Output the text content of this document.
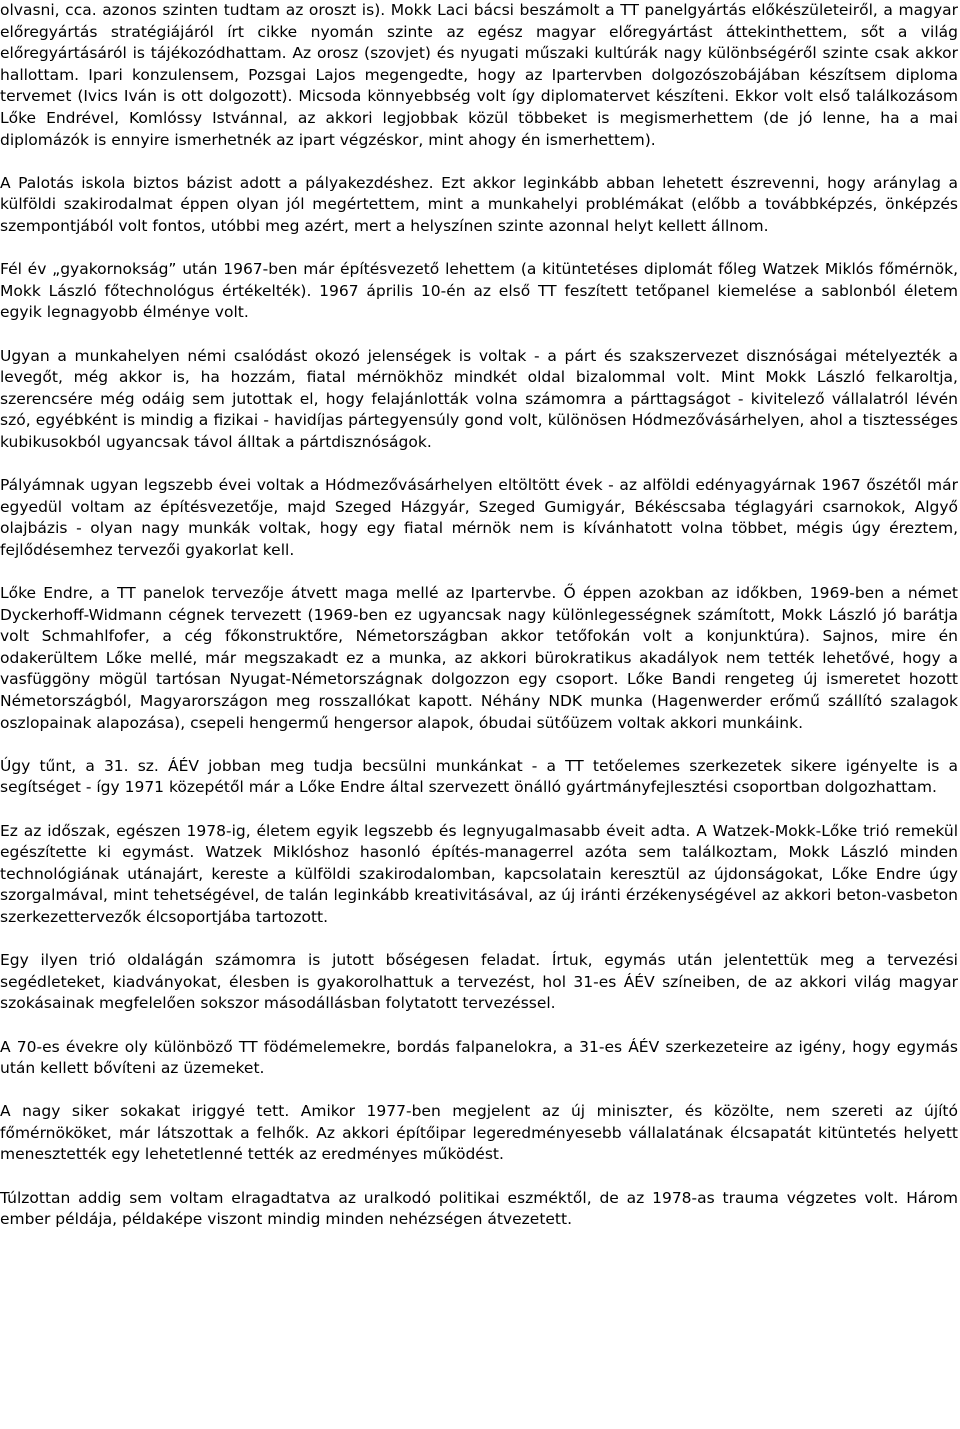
olvasni, cca. azonos szinten tudtam az oroszt is). Mokk Laci bácsi beszámolt a TT panelgyártás előkészületeiről, a magyar előregyártás stratégiájáról írt cikke nyomán szinte az egész magyar előregyártást áttekinthettem, sőt a világ előregyártásáról is tájékozódhattam. Az orosz (szovjet) és nyugati műszaki kultúrák nagy különbségéről szinte csak akkor hallottam. Ipari konzulensem, Pozsgai Lajos megengedte, hogy az Ipartervben dolgozószobájában készítsem diploma tervemet (Ivics Iván is ott dolgozott). Micsoda könnyebbség volt így diplomatervet készíteni. Ekkor volt első találkozásom Lőke Endrével, Komlóssy Istvánnal, az akkori legjobbak közül többeket is megismerhettem (de jó lenne, ha a mai diplomázók is ennyire ismerhetnék az ipart végzéskor, mint ahogy én ismerhettem).

A Palotás iskola biztos bázist adott a pályakezdéshez. Ezt akkor leginkább abban lehetett észrevenni, hogy aránylag a külföldi szakirodalmat éppen olyan jól megértettem, mint a munkahelyi problémákat (előbb a továbbképzés, önképzés szempontjából volt fontos, utóbbi meg azért, mert a helyszínen szinte azonnal helyt kellett állnom.

Fél év „gyakornokság” után 1967-ben már építésvezető lehettem (a kitüntetéses diplomát főleg Watzek Miklós főmérnök, Mokk László főtechnológus értékelték). 1967 április 10-én az első TT feszített tetőpanel kiemelése a sablonból életem egyik legnagyobb élménye volt.

Ugyan a munkahelyen némi csalódást okozó jelenségek is voltak - a párt és szakszervezet disznóságai mételyezték a levegőt, még akkor is, ha hozzám, fiatal mérnökhöz mindkét oldal bizalommal volt. Mint Mokk László felkaroltja, szerencsére még odáig sem jutottak el, hogy felajánlották volna számomra a párttagságot - kivitelező vállalatról lévén szó, egyébként is mindig a fizikai - havidíjas pártegyensúly gond volt, különösen Hódmezővásárhelyen, ahol a tisztességes kubikusokból ugyancsak távol álltak a pártdisznóságok.

Pályámnak ugyan legszebb évei voltak a Hódmezővásárhelyen eltöltött évek - az alföldi edényagyárnak 1967 őszétől már egyedül voltam az építésvezetője, majd Szeged Házgyár, Szeged Gumigyár, Békéscsaba téglagyári csarnokok, Algyő olajbázis - olyan nagy munkák voltak, hogy egy fiatal mérnök nem is kívánhatott volna többet, mégis úgy éreztem, fejlődésemhez tervezői gyakorlat kell.

Lőke Endre, a TT panelok tervezője átvett maga mellé az Ipartervbe. Ő éppen azokban az időkben, 1969-ben a német Dyckerhoff-Widmann cégnek tervezett (1969-ben ez ugyancsak nagy különlegességnek számított, Mokk László jó barátja volt Schmahlfofer, a cég főkonstruktőre, Németországban akkor tetőfokán volt a konjunktúra). Sajnos, mire én odakerültem Lőke mellé, már megszakadt ez a munka, az akkori bürokratikus akadályok nem tették lehetővé, hogy a vasfüggöny mögül tartósan Nyugat-Németországnak dolgozzon egy csoport. Lőke Bandi rengeteg új ismeretet hozott Németországból, Magyarországon meg rosszallókat kapott. Néhány NDK munka (Hagenwerder erőmű szállító szalagok oszlopainak alapozása), csepeli hengermű hengersor alapok, óbudai sütőüzem voltak akkori munkáink.

Úgy tűnt, a 31. sz. ÁÉV jobban meg tudja becsülni munkánkat - a TT tetőelemes szerkezetek sikere igényelte is a segítséget - így 1971 közepétől már a Lőke Endre által szervezett önálló gyártmányfejlesztési csoportban dolgozhattam.

Ez az időszak, egészen 1978-ig, életem egyik legszebb és legnyugalmasabb éveit adta. A Watzek-Mokk-Lőke trió remekül egészítette ki egymást. Watzek Miklóshoz hasonló építés-managerrel azóta sem találkoztam, Mokk László minden technológiának utánajárt, kereste a külföldi szakirodalomban, kapcsolatain keresztül az újdonságokat, Lőke Endre úgy szorgalmával, mint tehetségével, de talán leginkább kreativitásával, az új iránti érzékenységével az akkori beton-vasbeton szerkezettervezők élcsoportjába tartozott.

Egy ilyen trió oldalágán számomra is jutott bőségesen feladat. Írtuk, egymás után jelentettük meg a tervezési segédleteket, kiadványokat, élesben is gyakorolhattuk a tervezést, hol 31-es ÁÉV színeiben, de az akkori világ magyar szokásainak megfelelően sokszor másodállásban folytatott tervezéssel.

A 70-es évekre oly különböző TT födémelemekre, bordás falpanelokra, a 31-es ÁÉV szerkezeteire az igény, hogy egymás után kellett bővíteni az üzemeket.

A nagy siker sokakat iriggyé tett. Amikor 1977-ben megjelent az új miniszter, és közölte, nem szereti az újító főmérnököket, már látszottak a felhők. Az akkori építőipar legeredményesebb vállalatának élcsapatát kitüntetés helyett menesztették egy lehetetlenné tették az eredményes működést.

Túlzottan addig sem voltam elragadtatva az uralkodó politikai eszméktől, de az 1978-as trauma végzetes volt. Három ember példája, példaképe viszont mindig minden nehézségen átvezetett.
